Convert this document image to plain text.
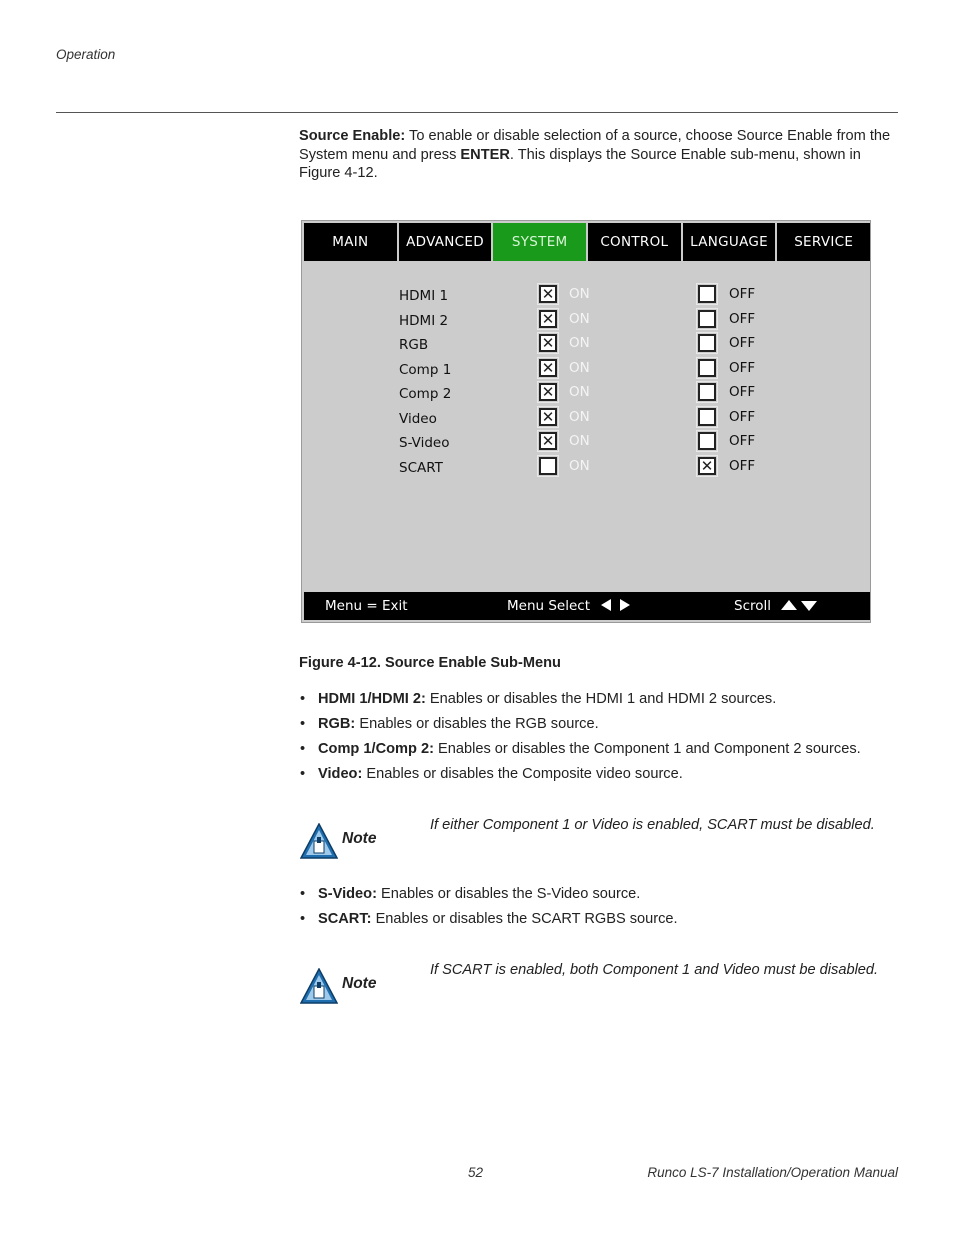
Operation
Source Enable: To enable or disable selection of a source, choose Source Enable from the System menu and press ENTER. This displays the Source Enable sub-menu, shown in Figure 4-12.
MAIN	ADVANCED	SYSTEM	CONTROL	LANGUAGE	SERVICE
HDMI 1	✕ ON	OFF
HDMI 2	✕ ON	OFF
RGB	✕ ON	OFF
Comp 1	✕ ON	OFF
Comp 2	✕ ON	OFF
Video	✕ ON	OFF
S-Video	✕ ON	OFF
SCART	ON	✕ OFF
Menu = Exit	Menu Select	Scroll
Figure 4-12. Source Enable Sub-Menu
• HDMI 1/HDMI 2: Enables or disables the HDMI 1 and HDMI 2 sources.
• RGB: Enables or disables the RGB source.
• Comp 1/Comp 2: Enables or disables the Component 1 and Component 2 sources.
• Video: Enables or disables the Composite video source.
Note
If either Component 1 or Video is enabled, SCART must be disabled.
• S-Video: Enables or disables the S-Video source.
• SCART: Enables or disables the SCART RGBS source.
Note
If SCART is enabled, both Component 1 and Video must be disabled.
52	Runco LS-7 Installation/Operation Manual
